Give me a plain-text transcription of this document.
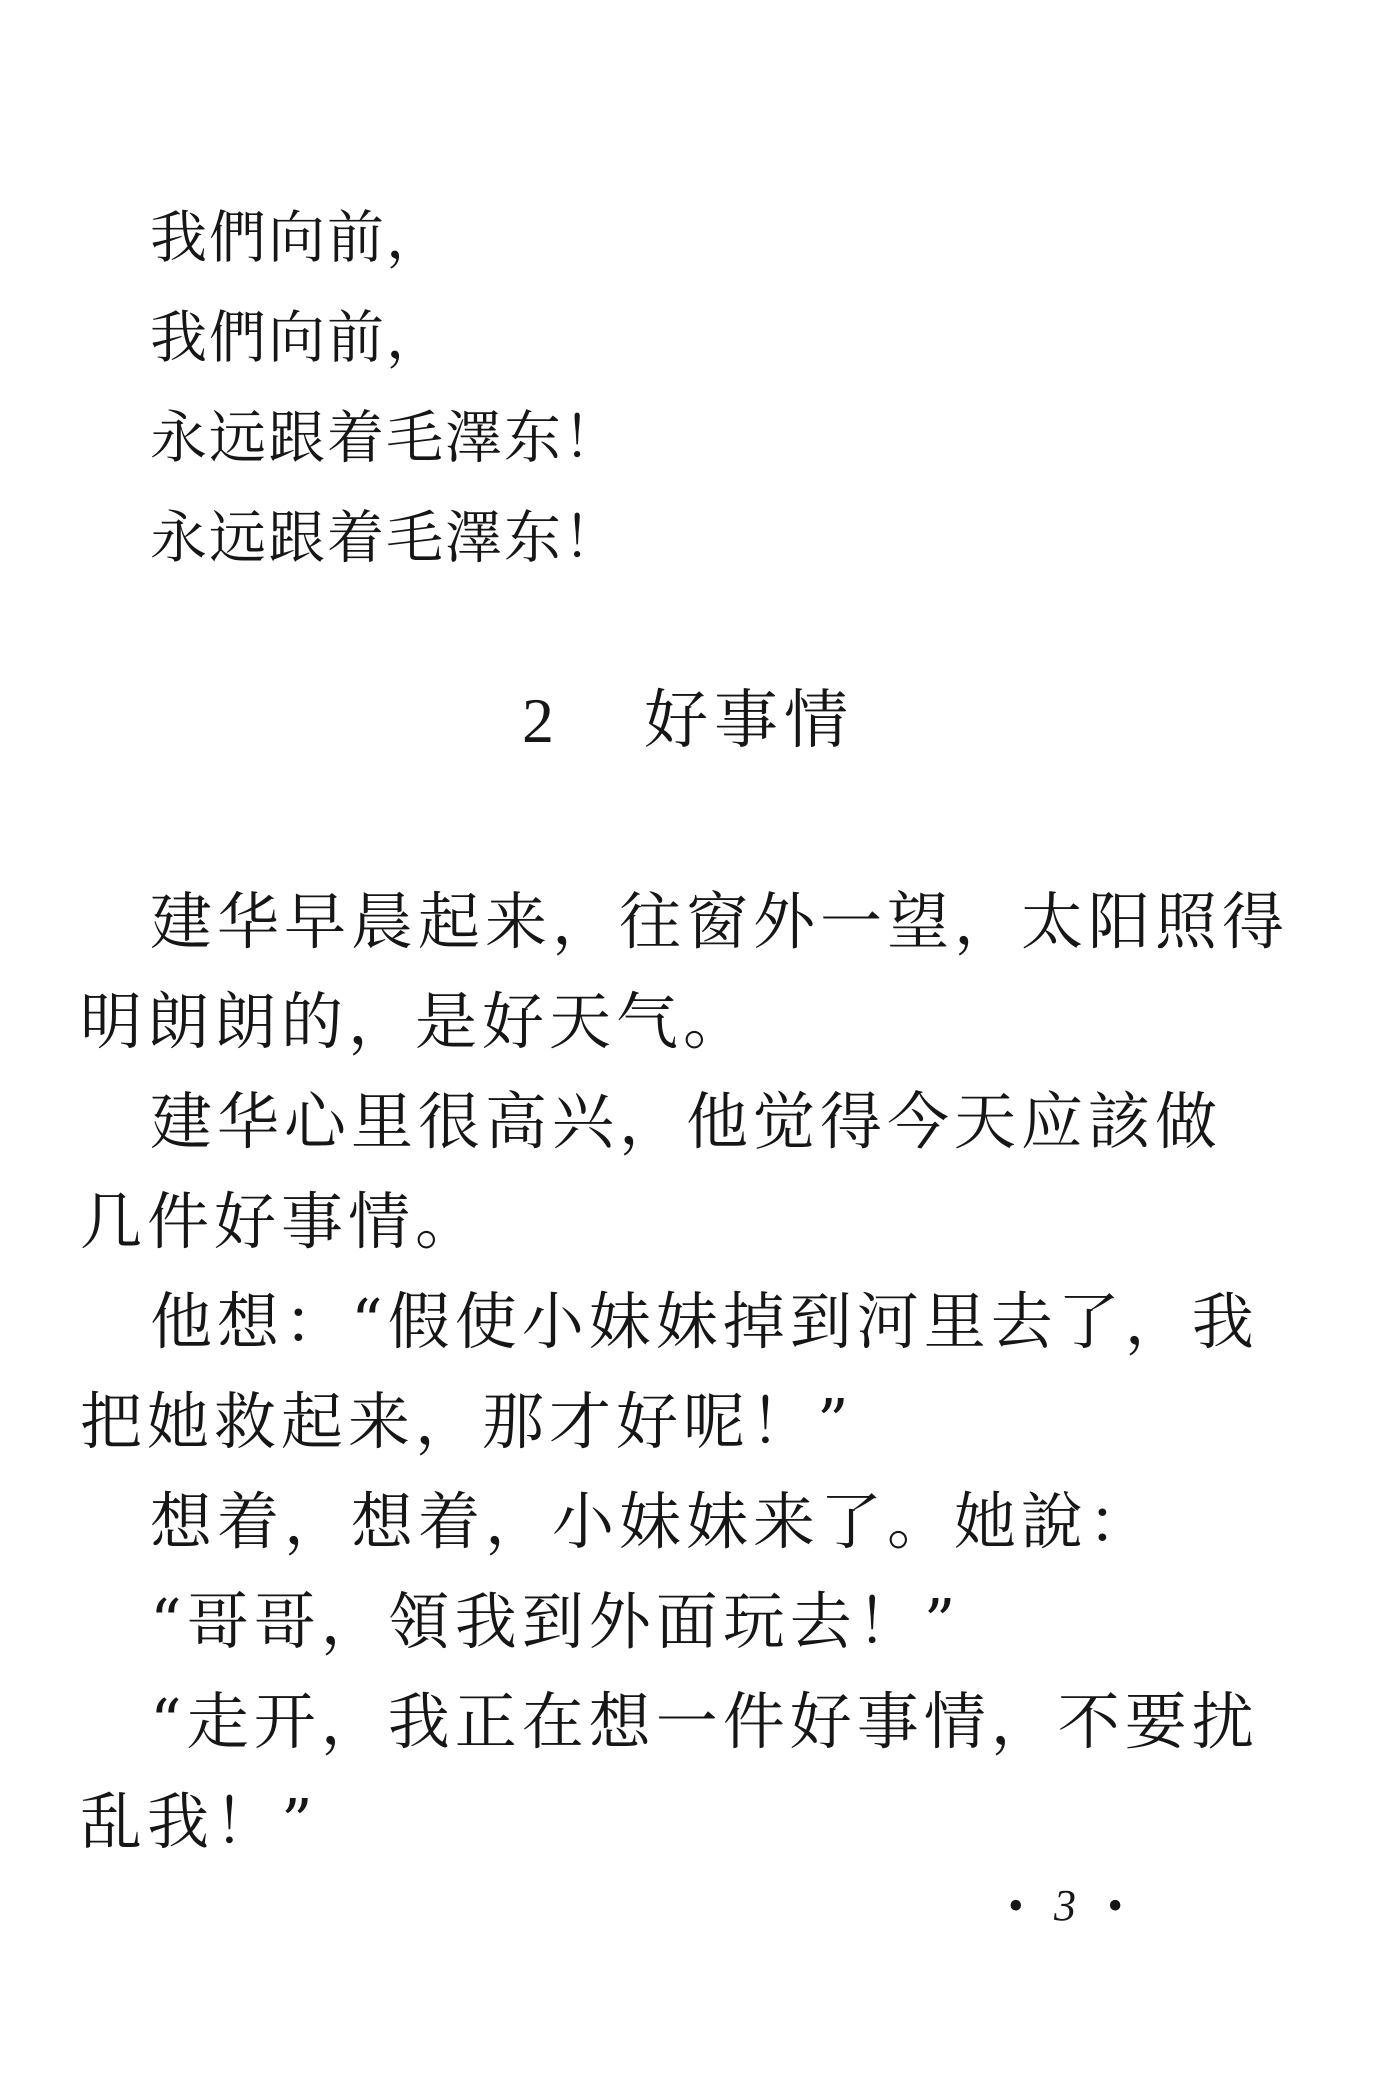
我們向前，
我們向前，
永远跟着毛澤东！
永远跟着毛澤东！
2 好事情
建华早晨起来，往窗外一望，太阳照得
明朗朗的，是好天气。
建华心里很高兴，他觉得今天应該做
几件好事情。
他想：“假使小妹妹掉到河里去了，我
把她救起来，那才好呢！”
想着，想着，小妹妹来了。她說：
“哥哥，領我到外面玩去！”
“走开，我正在想一件好事情，不要扰
乱我！”
• 3 •
